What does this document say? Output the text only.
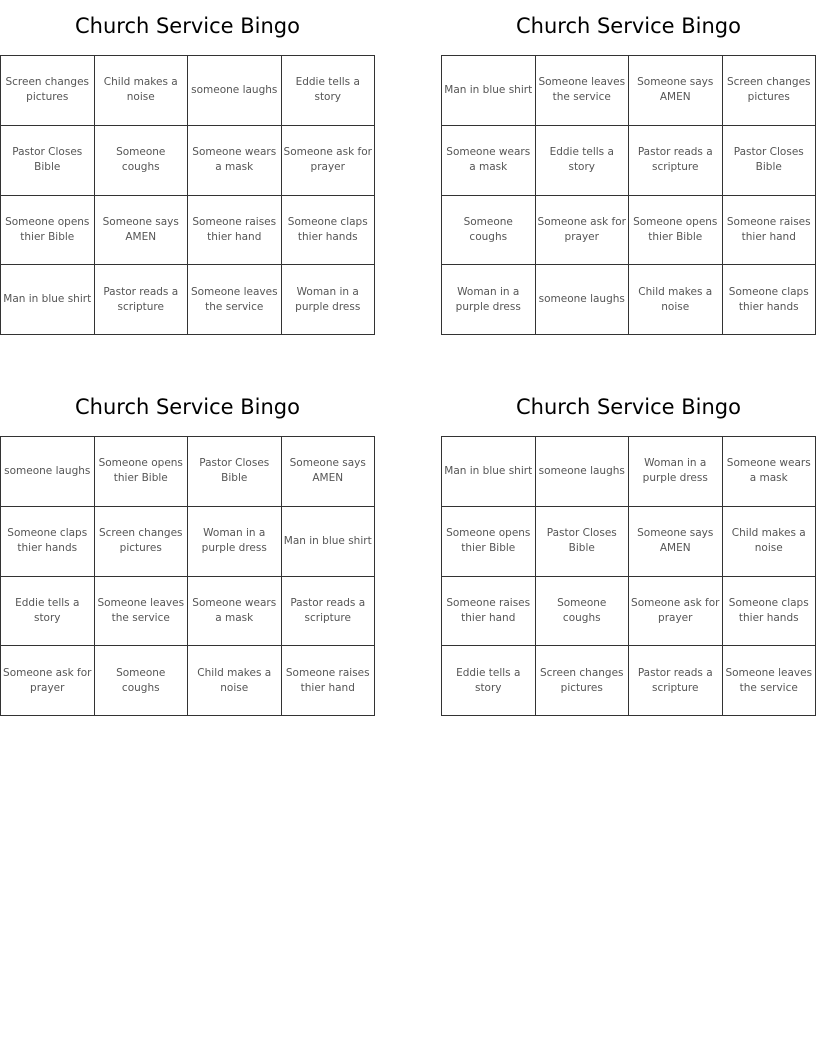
Church Service Bingo
Screen changes pictures
Child makes a noise
someone laughs
Eddie tells a story
Pastor Closes Bible
Someone coughs
Someone wears a mask
Someone ask for prayer
Someone opens thier Bible
Someone says AMEN
Someone raises thier hand
Someone claps thier hands
Man in blue shirt
Pastor reads a scripture
Someone leaves the service
Woman in a purple dress
Church Service Bingo
Man in blue shirt
Someone leaves the service
Someone says AMEN
Screen changes pictures
Someone wears a mask
Eddie tells a story
Pastor reads a scripture
Pastor Closes Bible
Someone coughs
Someone ask for prayer
Someone opens thier Bible
Someone raises thier hand
Woman in a purple dress
someone laughs
Child makes a noise
Someone claps thier hands
Church Service Bingo
someone laughs
Someone opens thier Bible
Pastor Closes Bible
Someone says AMEN
Someone claps thier hands
Screen changes pictures
Woman in a purple dress
Man in blue shirt
Eddie tells a story
Someone leaves the service
Someone wears a mask
Pastor reads a scripture
Someone ask for prayer
Someone coughs
Child makes a noise
Someone raises thier hand
Church Service Bingo
Man in blue shirt someone laughs
Woman in a purple dress
Someone wears a mask
Someone opens thier Bible
Pastor Closes Bible
Someone says AMEN
Child makes a noise
Someone raises thier hand
Someone coughs
Someone ask for prayer
Someone claps thier hands
Eddie tells a story
Screen changes pictures
Pastor reads a scripture
Someone leaves the service
